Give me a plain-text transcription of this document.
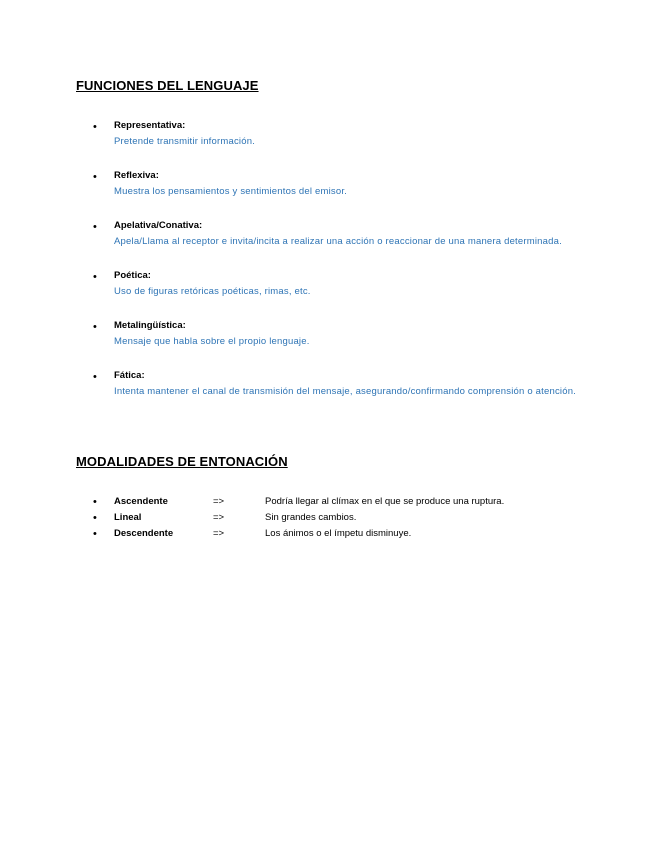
FUNCIONES DEL LENGUAJE
• Representativa:
Pretende transmitir información.
• Reflexiva:
Muestra los pensamientos y sentimientos del emisor.
• Apelativa/Conativa:
Apela/Llama al receptor e invita/incita a realizar una acción o reaccionar de una manera determinada.
• Poética:
Uso de figuras retóricas poéticas, rimas, etc.
• Metalingüística:
Mensaje que habla sobre el propio lenguaje.
• Fática:
Intenta mantener el canal de transmisión del mensaje, asegurando/confirmando comprensión o atención.
MODALIDADES DE ENTONACIÓN
• Ascendente	=>	Podría llegar al clímax en el que se produce una ruptura.
• Lineal	=>	Sin grandes cambios.
• Descendente	=>	Los ánimos o el ímpetu disminuye.
